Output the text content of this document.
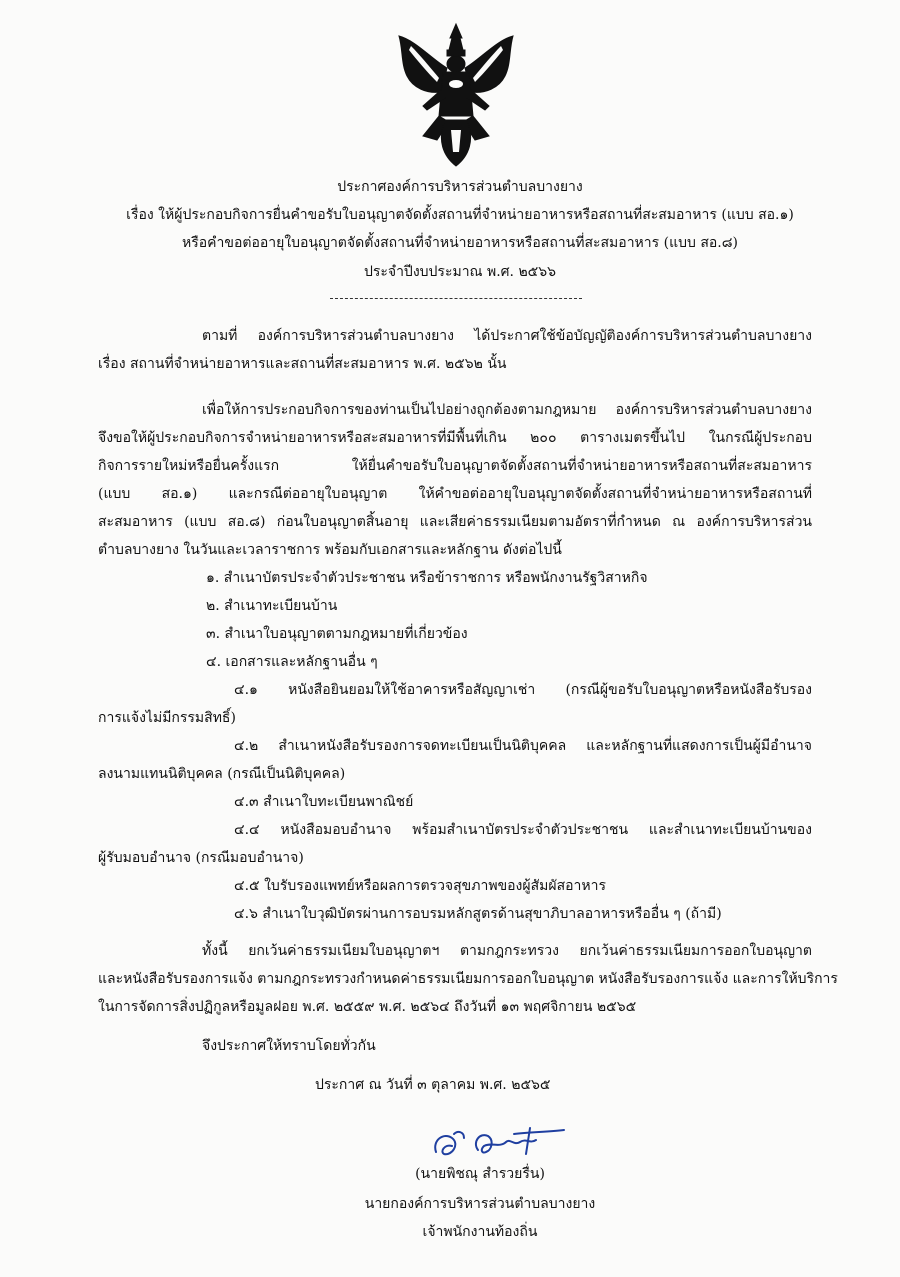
ประกาศองค์การบริหารส่วนตำบลบางยาง
เรื่อง ให้ผู้ประกอบกิจการยื่นคำขอรับใบอนุญาตจัดตั้งสถานที่จำหน่ายอาหารหรือสถานที่สะสมอาหาร (แบบ สอ.๑)
หรือคำขอต่ออายุใบอนุญาตจัดตั้งสถานที่จำหน่ายอาหารหรือสถานที่สะสมอาหาร (แบบ สอ.๘)
ประจำปีงบประมาณ พ.ศ. ๒๕๖๖
ตามที่ องค์การบริหารส่วนตำบลบางยาง ได้ประกาศใช้ข้อบัญญัติองค์การบริหารส่วนตำบลบางยาง
เรื่อง สถานที่จำหน่ายอาหารและสถานที่สะสมอาหาร พ.ศ. ๒๕๖๒ นั้น
เพื่อให้การประกอบกิจการของท่านเป็นไปอย่างถูกต้องตามกฎหมาย องค์การบริหารส่วนตำบลบางยาง
จึงขอให้ผู้ประกอบกิจการจำหน่ายอาหารหรือสะสมอาหารที่มีพื้นที่เกิน ๒๐๐ ตารางเมตรขึ้นไป ในกรณีผู้ประกอบ
กิจการรายใหม่หรือยื่นครั้งแรก ให้ยื่นคำขอรับใบอนุญาตจัดตั้งสถานที่จำหน่ายอาหารหรือสถานที่สะสมอาหาร
(แบบ สอ.๑) และกรณีต่ออายุใบอนุญาต ให้คำขอต่ออายุใบอนุญาตจัดตั้งสถานที่จำหน่ายอาหารหรือสถานที่
สะสมอาหาร (แบบ สอ.๘) ก่อนใบอนุญาตสิ้นอายุ และเสียค่าธรรมเนียมตามอัตราที่กำหนด ณ องค์การบริหารส่วน
ตำบลบางยาง ในวันและเวลาราชการ พร้อมกับเอกสารและหลักฐาน ดังต่อไปนี้
๑. สำเนาบัตรประจำตัวประชาชน หรือข้าราชการ หรือพนักงานรัฐวิสาหกิจ
๒. สำเนาทะเบียนบ้าน
๓. สำเนาใบอนุญาตตามกฎหมายที่เกี่ยวข้อง
๔. เอกสารและหลักฐานอื่น ๆ
๔.๑ หนังสือยินยอมให้ใช้อาคารหรือสัญญาเช่า (กรณีผู้ขอรับใบอนุญาตหรือหนังสือรับรอง
การแจ้งไม่มีกรรมสิทธิ์)
๔.๒ สำเนาหนังสือรับรองการจดทะเบียนเป็นนิติบุคคล และหลักฐานที่แสดงการเป็นผู้มีอำนาจ
ลงนามแทนนิติบุคคล (กรณีเป็นนิติบุคคล)
๔.๓ สำเนาใบทะเบียนพาณิชย์
๔.๔ หนังสือมอบอำนาจ พร้อมสำเนาบัตรประจำตัวประชาชน และสำเนาทะเบียนบ้านของ
ผู้รับมอบอำนาจ (กรณีมอบอำนาจ)
๔.๕ ใบรับรองแพทย์หรือผลการตรวจสุขภาพของผู้สัมผัสอาหาร
๔.๖ สำเนาใบวุฒิบัตรผ่านการอบรมหลักสูตรด้านสุขาภิบาลอาหารหรืออื่น ๆ (ถ้ามี)
ทั้งนี้ ยกเว้นค่าธรรมเนียมใบอนุญาตฯ ตามกฎกระทรวง ยกเว้นค่าธรรมเนียมการออกใบอนุญาต
และหนังสือรับรองการแจ้ง ตามกฎกระทรวงกำหนดค่าธรรมเนียมการออกใบอนุญาต หนังสือรับรองการแจ้ง และการให้บริการ
ในการจัดการสิ่งปฏิกูลหรือมูลฝอย พ.ศ. ๒๕๕๙ พ.ศ. ๒๕๖๔ ถึงวันที่ ๑๓ พฤศจิกายน ๒๕๖๕
จึงประกาศให้ทราบโดยทั่วกัน
ประกาศ ณ วันที่ ๓ ตุลาคม พ.ศ. ๒๕๖๕
(นายพิชณุ สำรวยรื่น)
นายกองค์การบริหารส่วนตำบลบางยาง
เจ้าพนักงานท้องถิ่น
